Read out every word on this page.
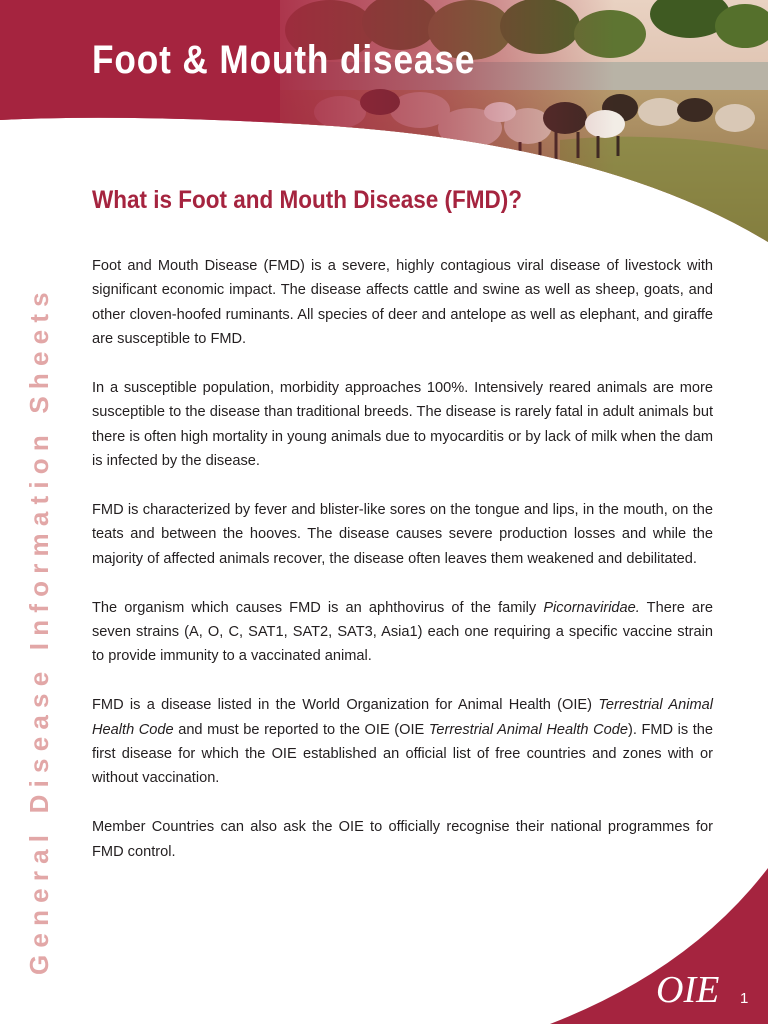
Foot & Mouth disease
General Disease Information Sheets
What is Foot and Mouth Disease (FMD)?

Foot and Mouth Disease (FMD) is a severe, highly contagious viral disease of livestock with significant economic impact. The disease affects cattle and swine as well as sheep, goats, and other cloven-hoofed ruminants. All species of deer and antelope as well as elephant, and giraffe are susceptible to FMD.

In a susceptible population, morbidity approaches 100%. Intensively reared animals are more susceptible to the disease than traditional breeds. The disease is rarely fatal in adult animals but there is often high mortality in young animals due to myocarditis or by lack of milk when the dam is infected by the disease.

FMD is characterized by fever and blister-like sores on the tongue and lips, in the mouth, on the teats and between the hooves. The disease causes severe production losses and while the majority of affected animals recover, the disease often leaves them weakened and debilitated.

The organism which causes FMD is an aphthovirus of the family Picornaviridae. There are seven strains (A, O, C, SAT1, SAT2, SAT3, Asia1) each one requiring a specific vaccine strain to provide immunity to a vaccinated animal.

FMD is a disease listed in the World Organization for Animal Health (OIE) Terrestrial Animal Health Code and must be reported to the OIE (OIE Terrestrial Animal Health Code). FMD is the first disease for which the OIE established an official list of free countries and zones with or without vaccination.

Member Countries can also ask the OIE to officially recognise their national programmes for FMD control.

OIE 1
